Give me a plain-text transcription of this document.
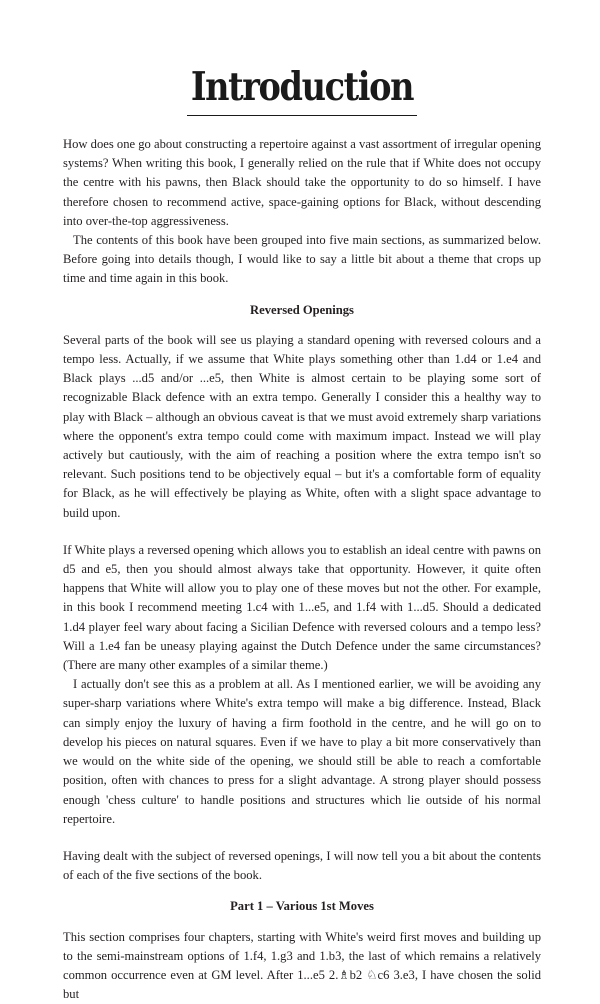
Introduction

How does one go about constructing a repertoire against a vast assortment of irregular opening systems? When writing this book, I generally relied on the rule that if White does not occupy the centre with his pawns, then Black should take the opportunity to do so himself. I have therefore chosen to recommend active, space-gaining options for Black, without descending into over-the-top aggressiveness.

The contents of this book have been grouped into five main sections, as summarized below. Before going into details though, I would like to say a little bit about a theme that crops up time and time again in this book.

Reversed Openings

Several parts of the book will see us playing a standard opening with reversed colours and a tempo less. Actually, if we assume that White plays something other than 1.d4 or 1.e4 and Black plays ...d5 and/or ...e5, then White is almost certain to be playing some sort of recognizable Black defence with an extra tempo. Generally I consider this a healthy way to play with Black – although an obvious caveat is that we must avoid extremely sharp variations where the opponent's extra tempo could come with maximum impact. Instead we will play actively but cautiously, with the aim of reaching a position where the extra tempo isn't so relevant. Such positions tend to be objectively equal – but it's a comfortable form of equality for Black, as he will effectively be playing as White, often with a slight space advantage to build upon.

If White plays a reversed opening which allows you to establish an ideal centre with pawns on d5 and e5, then you should almost always take that opportunity. However, it quite often happens that White will allow you to play one of these moves but not the other. For example, in this book I recommend meeting 1.c4 with 1...e5, and 1.f4 with 1...d5. Should a dedicated 1.d4 player feel wary about facing a Sicilian Defence with reversed colours and a tempo less? Will a 1.e4 fan be uneasy playing against the Dutch Defence under the same circumstances? (There are many other examples of a similar theme.)

I actually don't see this as a problem at all. As I mentioned earlier, we will be avoiding any super-sharp variations where White's extra tempo will make a big difference. Instead, Black can simply enjoy the luxury of having a firm foothold in the centre, and he will go on to develop his pieces on natural squares. Even if we have to play a bit more conservatively than we would on the white side of the opening, we should still be able to reach a comfortable position, often with chances to press for a slight advantage. A strong player should possess enough 'chess culture' to handle positions and structures which lie outside of his normal repertoire.

Having dealt with the subject of reversed openings, I will now tell you a bit about the contents of each of the five sections of the book.

Part 1 – Various 1st Moves

This section comprises four chapters, starting with White's weird first moves and building up to the semi-mainstream options of 1.f4, 1.g3 and 1.b3, the last of which remains a relatively common occurrence even at GM level. After 1...e5 2.♗b2 ♘c6 3.e3, I have chosen the solid but
